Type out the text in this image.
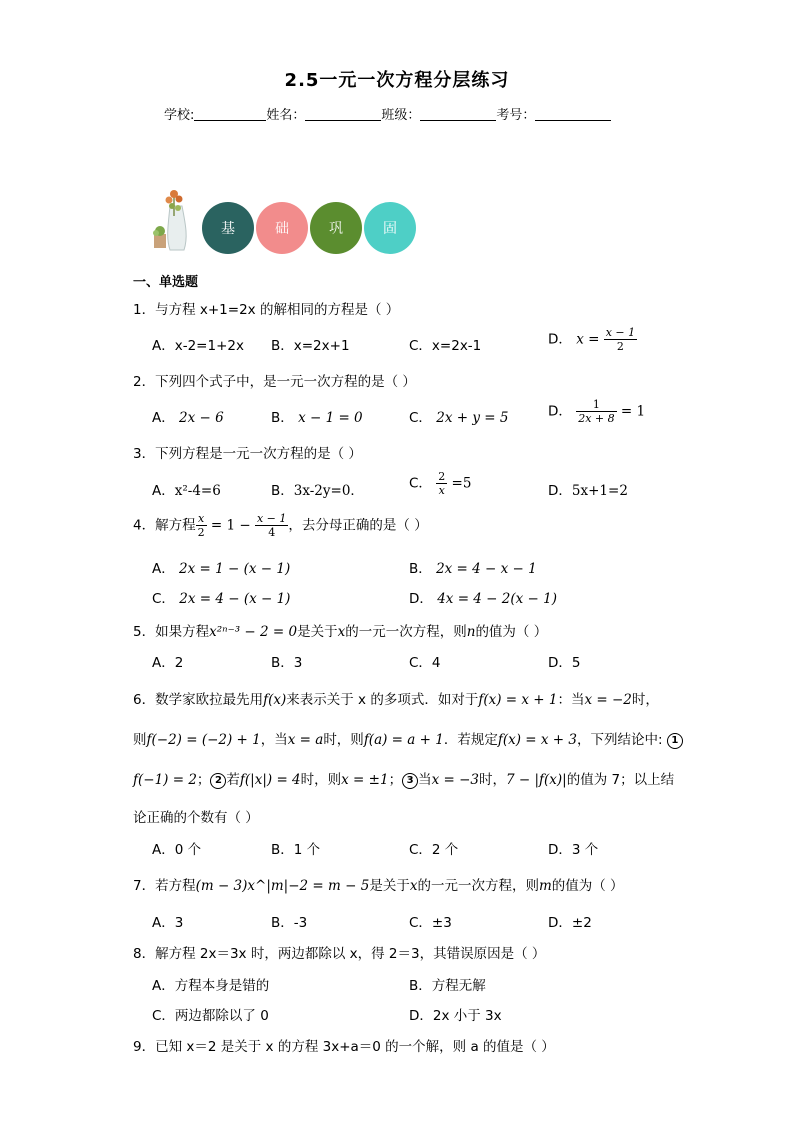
2.5一元一次方程分层练习
学校:	姓名：	班级：	考号：
基	础	巩	固
一、单选题
1．与方程 x+1=2x 的解相同的方程是（ ）
A．x-2=1+2x B．x=2x+1	C．x=2x-1	D． $x = \frac{x - 1}{2}$
2．下列四个式子中，是一元一次方程的是（ ）
A． 2x − 6	B． x − 1 = 0	C． 2x + y = 5	D． $\frac{1}{2x + 8} = 1$
3．下列方程是一元一次方程的是（ ）
A．x²-4=6	B．3x-2y=0．	C． $\frac{2}{x} =5$	D．5x+1=2
4．解方程 $\frac{x}{2} = 1 - \frac{x - 1}{4}$ ，去分母正确的是（ ）
A． 2x = 1 − (x − 1)	B． 2x = 4 − x − 1
C． 2x = 4 − (x − 1)	D． 4x = 4 − 2(x − 1)
5．如果方程x²ⁿ⁻³ − 2 = 0是关于x的一元一次方程，则n的值为（ ）
A．2	B．3	C．4	D．5
6．数学家欧拉最先用f(x)来表示关于 x 的多项式．如对于f(x) = x + 1：当x = −2时，
则f(−2) = (−2) + 1，当x = a时，则f(a) = a + 1．若规定f(x) = x + 3，下列结论中: 1
f(−1) = 2； 2 若f(|x|) = 4时，则x = ±1； 3 当x = −3时，7 − |f(x)|的值为 7；以上结
论正确的个数有（ ）
A．0 个	B．1 个	C．2 个	D．3 个
7．若方程(m − 3)x^|m|−2 = m − 5是关于x的一元一次方程，则m的值为（ ）
A．3	B．-3	C．±3	D．±2
8．解方程 2x＝3x 时，两边都除以 x，得 2＝3，其错误原因是（ ）
A．方程本身是错的	B．方程无解
C．两边都除以了 0	D．2x 小于 3x
9．已知 x＝2 是关于 x 的方程 3x+a＝0 的一个解，则 a 的值是（ ）
